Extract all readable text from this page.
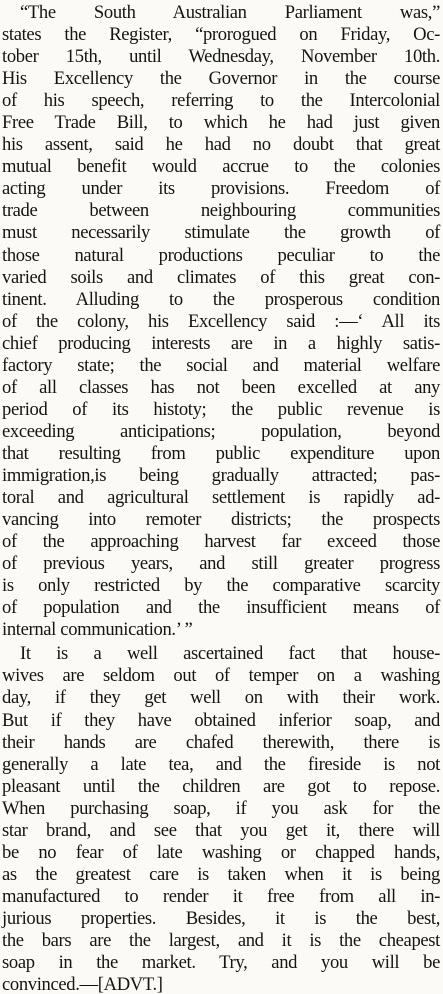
“The South Australian Parliament was,”
states the Register, “prorogued on Friday, Oc-
tober 15th, until Wednesday, November 10th.
His Excellency the Governor in the course
of his speech, referring to the Intercolonial
Free Trade Bill, to which he had just given
his assent, said he had no doubt that great
mutual benefit would accrue to the colonies
acting under its provisions. Freedom of
trade between neighbouring communities
must necessarily stimulate the growth of
those natural productions peculiar to the
varied soils and climates of this great con-
tinent. Alluding to the prosperous condition
of the colony, his Excellency said :—‘ All its
chief producing interests are in a highly satis-
factory state; the social and material welfare
of all classes has not been excelled at any
period of its histoty; the public revenue is
exceeding anticipations; population, beyond
that resulting from public expenditure upon
immigration,is being gradually attracted; pas-
toral and agricultural settlement is rapidly ad-
vancing into remoter districts; the prospects
of the approaching harvest far exceed those
of previous years, and still greater progress
is only restricted by the comparative scarcity
of population and the insufficient means of
internal communication.’ ”
It is a well ascertained fact that house-
wives are seldom out of temper on a washing
day, if they get well on with their work.
But if they have obtained inferior soap, and
their hands are chafed therewith, there is
generally a late tea, and the fireside is not
pleasant until the children are got to repose.
When purchasing soap, if you ask for the
star brand, and see that you get it, there will
be no fear of late washing or chapped hands,
as the greatest care is taken when it is being
manufactured to render it free from all in-
jurious properties. Besides, it is the best,
the bars are the largest, and it is the cheapest
soap in the market. Try, and you will be
convinced.—[ADVT.]
